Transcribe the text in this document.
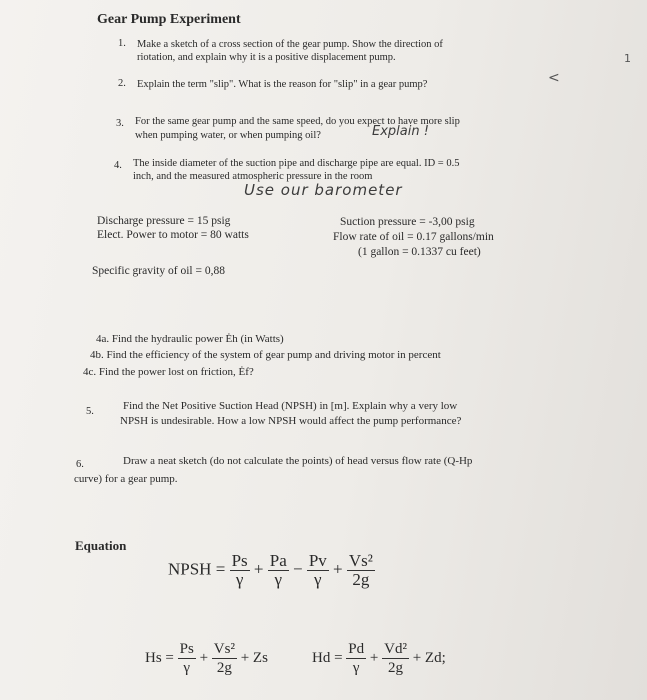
Gear Pump Experiment
1. Make a sketch of a cross section of the gear pump. Show the direction of
riotation, and explain why it is a positive displacement pump.
2. Explain the term "slip". What is the reason for "slip" in a gear pump?
3. For the same gear pump and the same speed, do you expect to have more slip
when pumping water, or when pumping oil?	Explain !
4. The inside diameter of the suction pipe and discharge pipe are equal. ID = 0.5
inch, and the measured atmospheric pressure in the room
Use our barometer
Discharge pressure = 15 psig
Elect. Power to motor = 80 watts
Specific gravity of oil = 0,88
Suction pressure = -3,00 psig
Flow rate of oil = 0.17 gallons/min
(1 gallon = 0.1337 cu feet)
4a. Find the hydraulic power Ėh (in Watts)
4b. Find the efficiency of the system of gear pump and driving motor in percent
4c. Find the power lost on friction, Ėf?
5.	Find the Net Positive Suction Head (NPSH) in [m]. Explain why a very low
NPSH is undesirable. How a low NPSH would affect the pump performance?
6.	Draw a neat sketch (do not calculate the points) of head versus flow rate (Q-Hp
curve) for a gear pump.
Equation
NPSH = $\frac{Ps}{\gamma} + \frac{Pa}{\gamma} - \frac{Pv}{\gamma} + \frac{\text{Vs²}}{2g}$
$Hs = \frac{Ps}{\gamma} + \frac{\text{Vs²}}{2g} + Zs$	$Hd = \frac{Pd}{\gamma} + \frac{\text{Vd²}}{2g} + Zd$;
<
1
